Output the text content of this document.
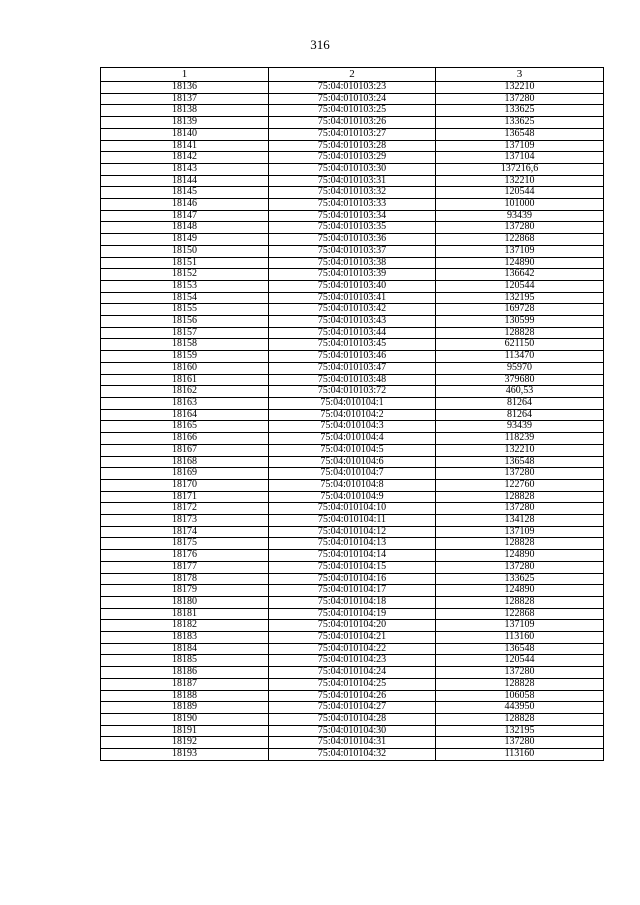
316
1	2	3
18136	75:04:010103:23	132210
18137	75:04:010103:24	137280
18138	75:04:010103:25	133625
18139	75:04:010103:26	133625
18140	75:04:010103:27	136548
18141	75:04:010103:28	137109
18142	75:04:010103:29	137104
18143	75:04:010103:30	137216,6
18144	75:04:010103:31	132210
18145	75:04:010103:32	120544
18146	75:04:010103:33	101000
18147	75:04:010103:34	93439
18148	75:04:010103:35	137280
18149	75:04:010103:36	122868
18150	75:04:010103:37	137109
18151	75:04:010103:38	124890
18152	75:04:010103:39	136642
18153	75:04:010103:40	120544
18154	75:04:010103:41	132195
18155	75:04:010103:42	169728
18156	75:04:010103:43	130599
18157	75:04:010103:44	128828
18158	75:04:010103:45	621150
18159	75:04:010103:46	113470
18160	75:04:010103:47	95970
18161	75:04:010103:48	379680
18162	75:04:010103:72	460,53
18163	75:04:010104:1	81264
18164	75:04:010104:2	81264
18165	75:04:010104:3	93439
18166	75:04:010104:4	118239
18167	75:04:010104:5	132210
18168	75:04:010104:6	136548
18169	75:04:010104:7	137280
18170	75:04:010104:8	122760
18171	75:04:010104:9	128828
18172	75:04:010104:10	137280
18173	75:04:010104:11	134128
18174	75:04:010104:12	137109
18175	75:04:010104:13	128828
18176	75:04:010104:14	124890
18177	75:04:010104:15	137280
18178	75:04:010104:16	133625
18179	75:04:010104:17	124890
18180	75:04:010104:18	128828
18181	75:04:010104:19	122868
18182	75:04:010104:20	137109
18183	75:04:010104:21	113160
18184	75:04:010104:22	136548
18185	75:04:010104:23	120544
18186	75:04:010104:24	137280
18187	75:04:010104:25	128828
18188	75:04:010104:26	106058
18189	75:04:010104:27	443950
18190	75:04:010104:28	128828
18191	75:04:010104:30	132195
18192	75:04:010104:31	137280
18193	75:04:010104:32	113160
